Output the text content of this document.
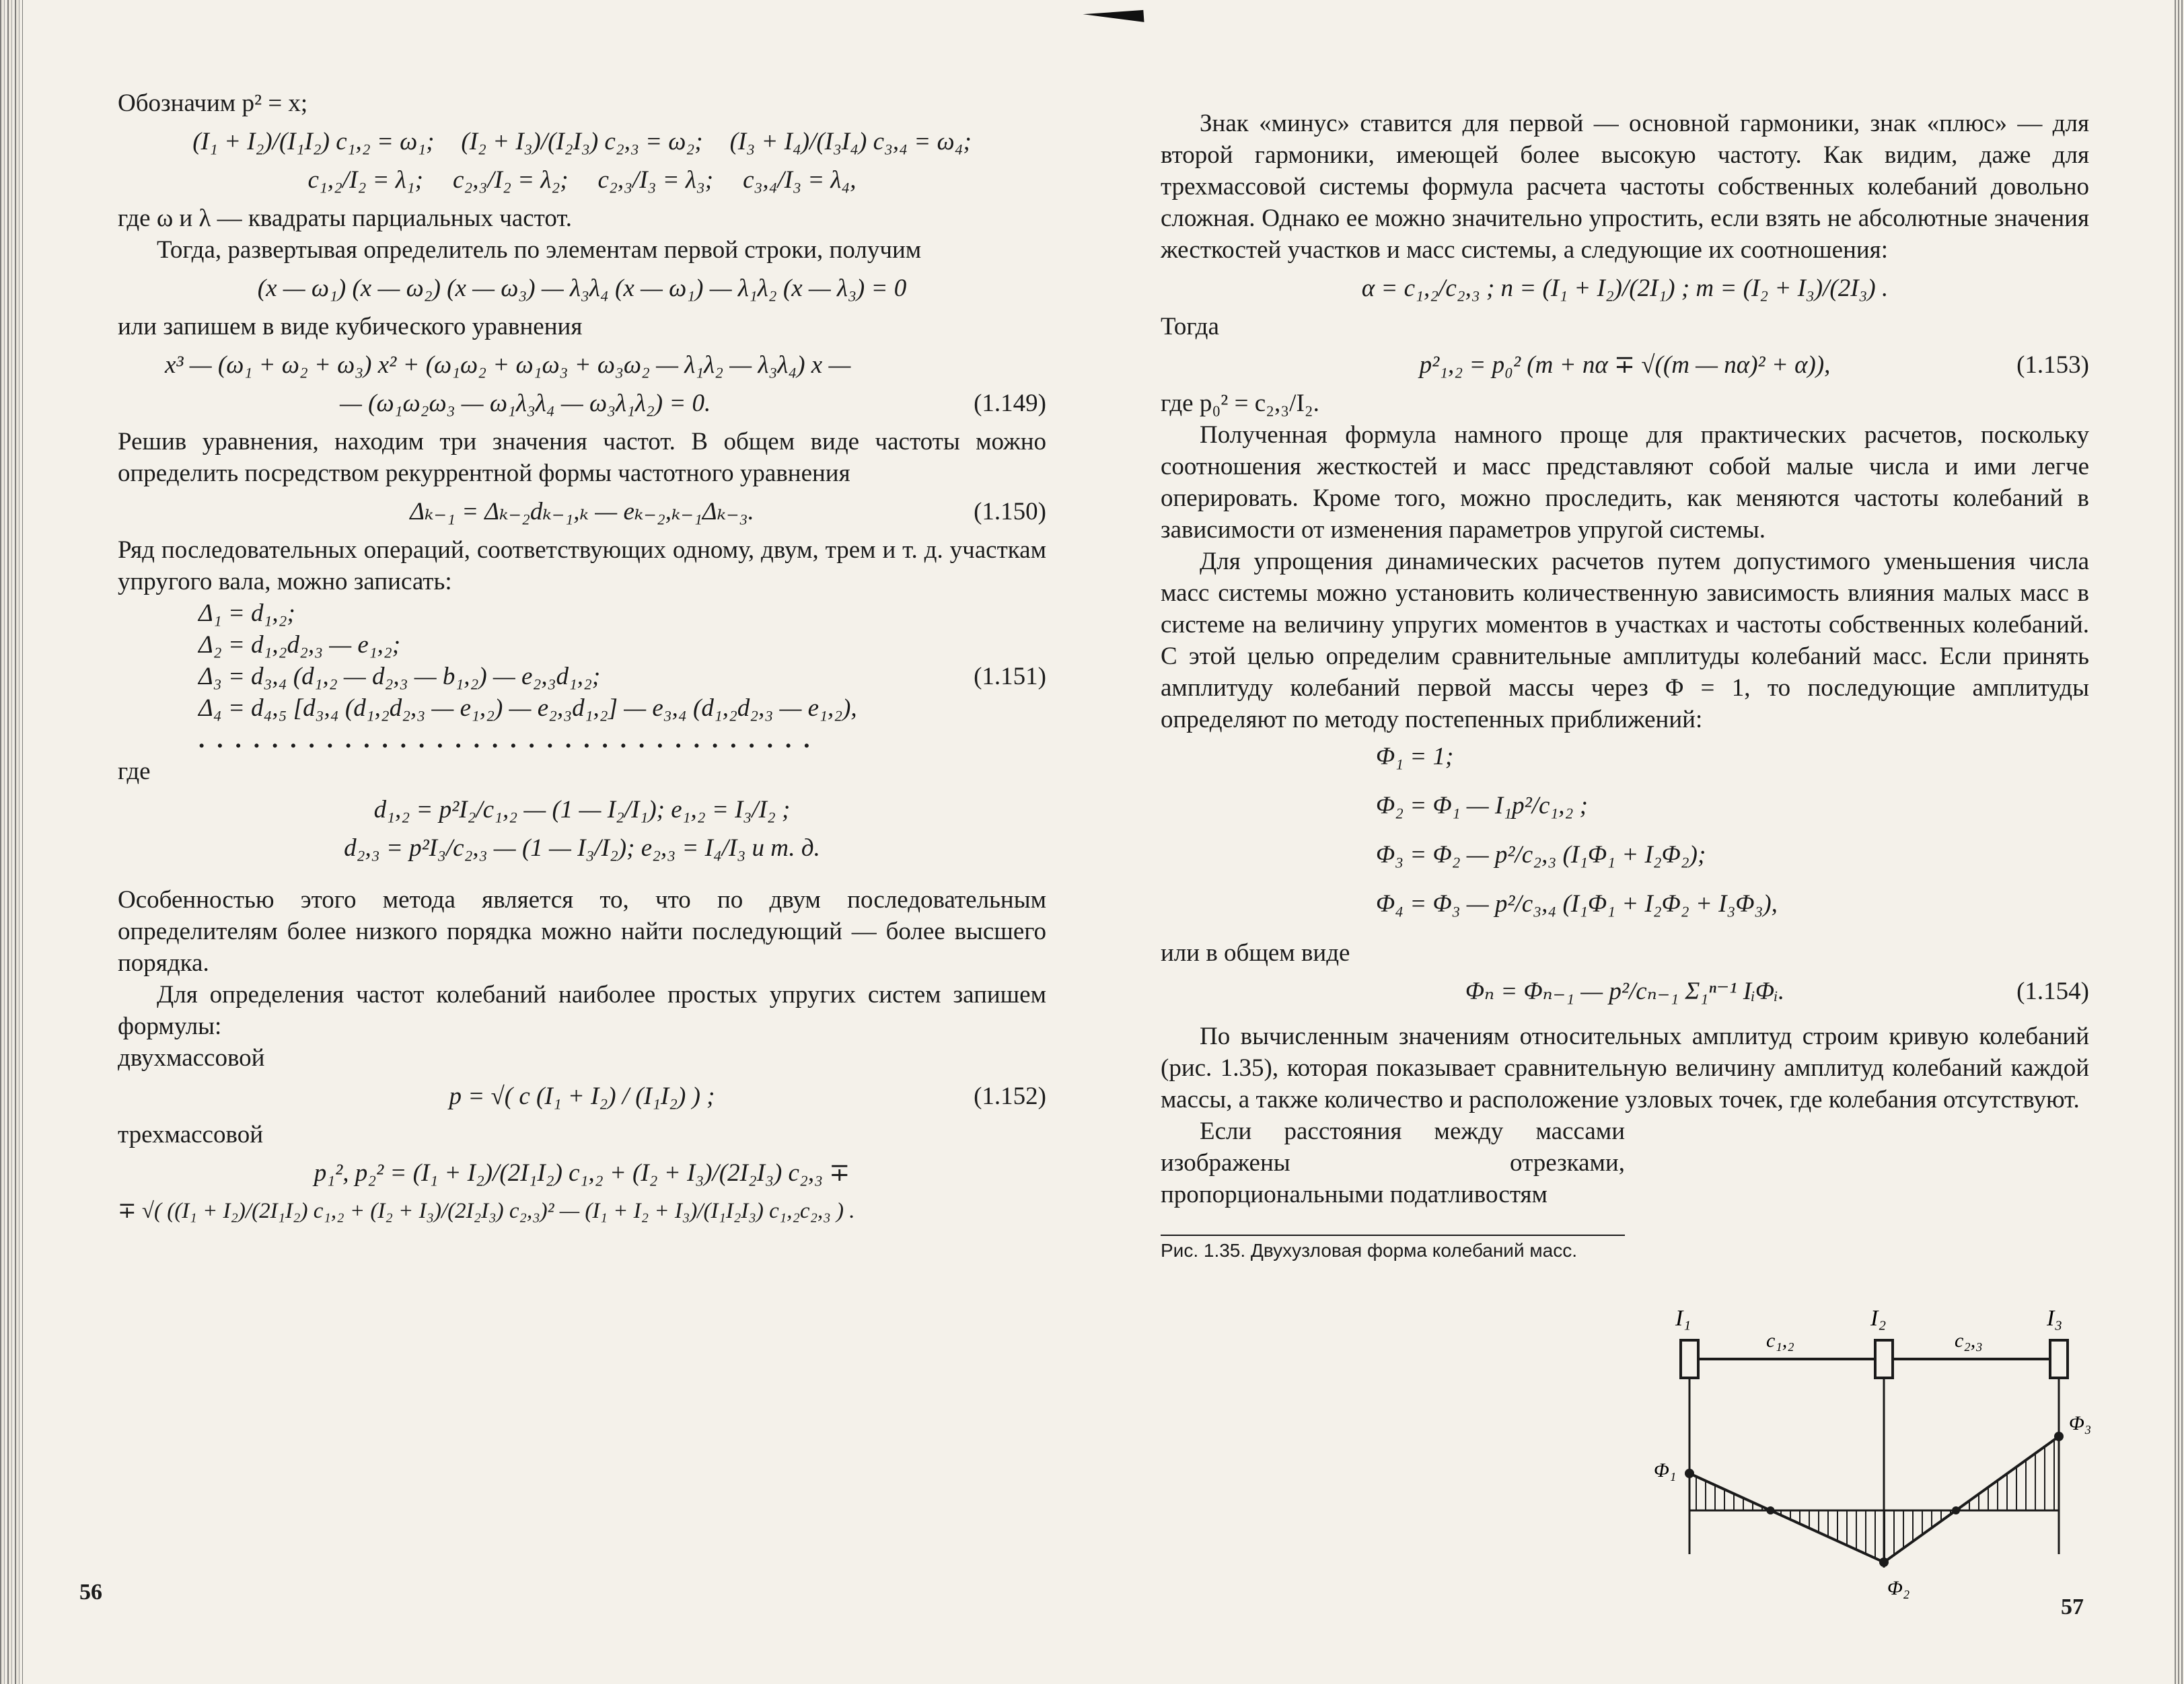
Обозначим p² = x;

(I₁ + I₂)/(I₁I₂) c₁,₂ = ω₁; (I₂ + I₃)/(I₂I₃) c₂,₃ = ω₂; (I₃ + I₄)/(I₃I₄) c₃,₄ = ω₄;
c₁,₂/I₂ = λ₁; c₂,₃/I₂ = λ₂; c₂,₃/I₃ = λ₃; c₃,₄/I₃ = λ₄,

где ω и λ — квадраты парциальных частот.

Тогда, развертывая определитель по элементам первой строки, получим

(x — ω₁) (x — ω₂) (x — ω₃) — λ₃λ₄ (x — ω₁) — λ₁λ₂ (x — λ₃) = 0

или запишем в виде кубического уравнения

x³ — (ω₁ + ω₂ + ω₃) x² + (ω₁ω₂ + ω₁ω₃ + ω₃ω₂ — λ₁λ₂ — λ₃λ₄) x —
— (ω₁ω₂ω₃ — ω₁λ₃λ₄ — ω₃λ₁λ₂) = 0.	(1.149)

Решив уравнения, находим три значения частот. В общем виде частоты можно определить посредством рекуррентной формы частотного уравнения

Δₖ₋₁ = Δₖ₋₂dₖ₋₁,ₖ — eₖ₋₂,ₖ₋₁Δₖ₋₃.	(1.150)

Ряд последовательных операций, соответствующих одному, двум, трем и т. д. участкам упругого вала, можно записать:

Δ₁ = d₁,₂;
Δ₂ = d₁,₂d₂,₃ — e₁,₂;
Δ₃ = d₃,₄ (d₁,₂ — d₂,₃ — b₁,₂) — e₂,₃d₁,₂;	(1.151)
Δ₄ = d₄,₅ [d₃,₄ (d₁,₂d₂,₃ — e₁,₂) — e₂,₃d₁,₂] — e₃,₄ (d₁,₂d₂,₃ — e₁,₂),
..................................

где

d₁,₂ = p²I₂/c₁,₂ — (1 — I₂/I₁); e₁,₂ = I₃/I₂ ;
d₂,₃ = p²I₃/c₂,₃ — (1 — I₃/I₂); e₂,₃ = I₄/I₃ и т. д.

Особенностью этого метода является то, что по двум последовательным определителям более низкого порядка можно найти последующий — более высшего порядка.

Для определения частот колебаний наиболее простых упругих систем запишем формулы:

двухмассовой

p = √( c (I₁ + I₂) / (I₁I₂) ) ;	(1.152)

трехмассовой

p₁², p₂² = (I₁ + I₂)/(2I₁I₂) c₁,₂ + (I₂ + I₃)/(2I₂I₃) c₂,₃ ∓
∓ √( ((I₁ + I₂)/(2I₁I₂) c₁,₂ + (I₂ + I₃)/(2I₂I₃) c₂,₃)² — (I₁ + I₂ + I₃)/(I₁I₂I₃) c₁,₂c₂,₃ ) .
56

Знак «минус» ставится для первой — основной гармоники, знак «плюс» — для второй гармоники, имеющей более высокую частоту. Как видим, даже для трехмассовой системы формула расчета частоты собственных колебаний довольно сложная. Однако ее можно значительно упростить, если взять не абсолютные значения жесткостей участков и масс системы, а следующие их соотношения:

α = c₁,₂/c₂,₃ ; n = (I₁ + I₂)/(2I₁) ; m = (I₂ + I₃)/(2I₃) .

Тогда

p²₁,₂ = p₀² (m + nα ∓ √((m — nα)² + α)),	(1.153)

где p₀² = c₂,₃/I₂.

Полученная формула намного проще для практических расчетов, поскольку соотношения жесткостей и масс представляют собой малые числа и ими легче оперировать. Кроме того, можно проследить, как меняются частоты колебаний в зависимости от изменения параметров упругой системы.

Для упрощения динамических расчетов путем допустимого уменьшения числа масс системы можно установить количественную зависимость влияния малых масс в системе на величину упругих моментов в участках и частоты собственных колебаний. С этой целью определим сравнительные амплитуды колебаний масс. Если принять амплитуду колебаний первой массы через Φ = 1, то последующие амплитуды определяют по методу постепенных приближений:

Φ₁ = 1;
Φ₂ = Φ₁ — I₁p²/c₁,₂ ;
Φ₃ = Φ₂ — p²/c₂,₃ (I₁Φ₁ + I₂Φ₂);
Φ₄ = Φ₃ — p²/c₃,₄ (I₁Φ₁ + I₂Φ₂ + I₃Φ₃),

или в общем виде

Φₙ = Φₙ₋₁ — p²/cₙ₋₁ Σ₁ⁿ⁻¹ IᵢΦᵢ.	(1.154)

По вычисленным значениям относительных амплитуд строим кривую колебаний (рис. 1.35), которая показывает сравнительную величину амплитуд колебаний каждой массы, а также количество и расположение узловых точек, где колебания отсутствуют.

Если расстояния между массами изображены отрезками, пропорциональными податливостям

Рис. 1.35. Двухузловая форма колебаний масс.
I₁	I₂	I₃
c₁,₂	c₂,₃
Φ₁
Φ₂
Φ₃
57
